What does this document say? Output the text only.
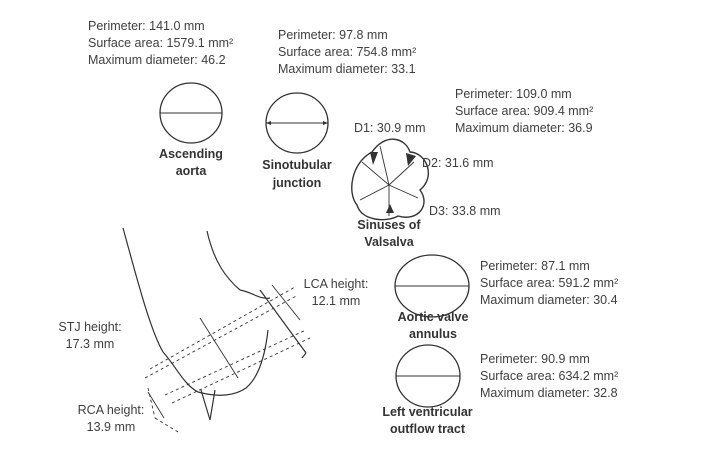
Perimeter: 141.0 mm
Surface area: 1579.1 mm²
Maximum diameter: 46.2
Ascending
aorta
Perimeter: 97.8 mm
Surface area: 754.8 mm²
Maximum diameter: 33.1
Sinotubular
junction
Perimeter: 109.0 mm
Surface area: 909.4 mm²
Maximum diameter: 36.9
D1: 30.9 mm
D2: 31.6 mm
D3: 33.8 mm
Sinuses of
Valsalva
Perimeter: 87.1 mm
Surface area: 591.2 mm²
Maximum diameter: 30.4
Aortic valve
annulus
Perimeter: 90.9 mm
Surface area: 634.2 mm²
Maximum diameter: 32.8
Left ventricular
outflow tract
LCA height:
12.1 mm
STJ height:
17.3 mm
RCA height:
13.9 mm
